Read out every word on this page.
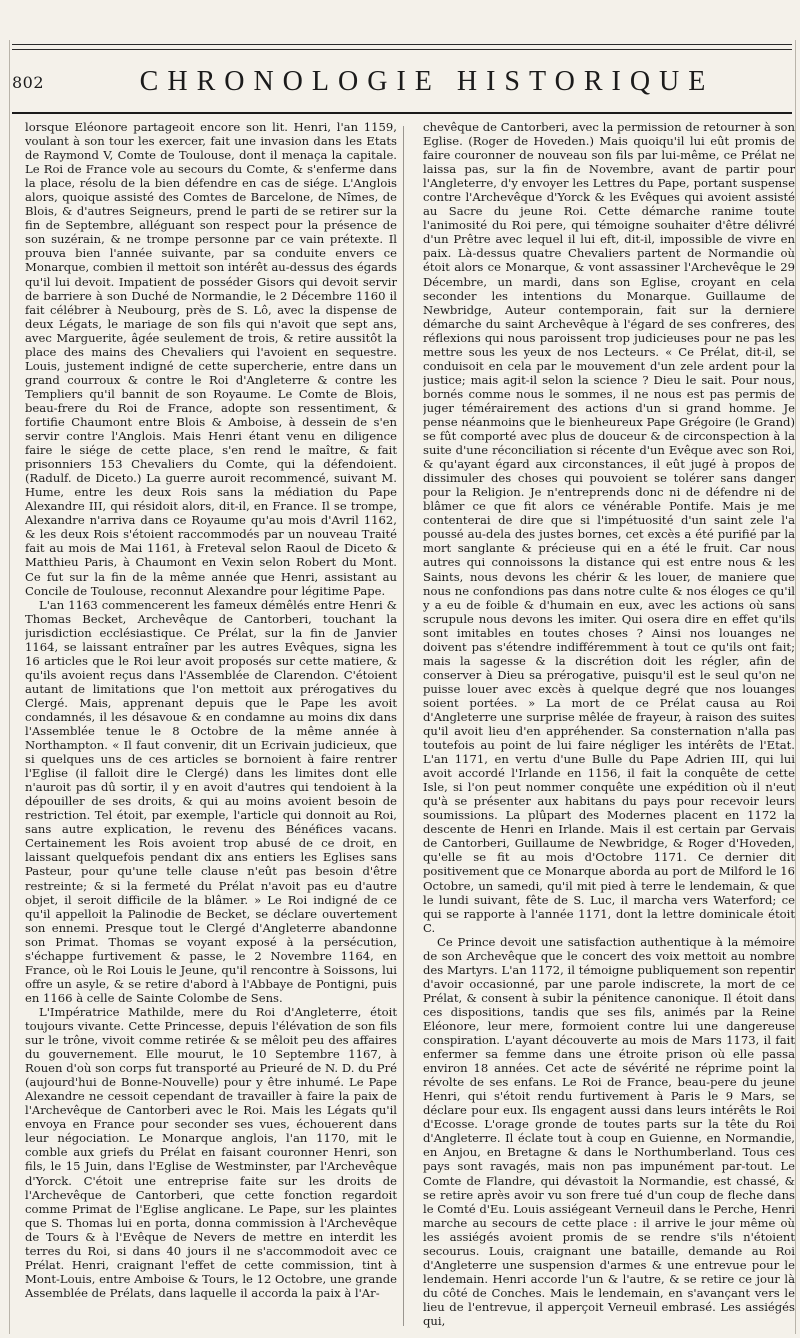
802	CHRONOLOGIE HISTORIQUE

lorsque Eléonore partageoit encore son lit. Henri, l'an 1159, voulant à son tour les exercer, fait une invasion dans les Etats de Raymond V, Comte de Toulouse, dont il menaça la capitale. Le Roi de France vole au secours du Comte, & s'enferme dans la place, résolu de la bien défendre en cas de siége. L'Anglois alors, quoique assisté des Comtes de Barcelone, de Nîmes, de Blois, & d'autres Seigneurs, prend le parti de se retirer sur la fin de Septembre, alléguant son respect pour la présence de son suzérain, & ne trompe personne par ce vain prétexte. Il prouva bien l'année suivante, par sa conduite envers ce Monarque, combien il mettoit son intérêt au-dessus des égards qu'il lui devoit. Impatient de posséder Gisors qui devoit servir de barriere à son Duché de Normandie, le 2 Décembre 1160 il fait célébrer à Neubourg, près de S. Lô, avec la dispense de deux Légats, le mariage de son fils qui n'avoit que sept ans, avec Marguerite, âgée seulement de trois, & retire aussitôt la place des mains des Chevaliers qui l'avoient en sequestre. Louis, justement indigné de cette supercherie, entre dans un grand courroux & contre le Roi d'Angleterre & contre les Templiers qu'il bannit de son Royaume. Le Comte de Blois, beau-frere du Roi de France, adopte son ressentiment, & fortifie Chaumont entre Blois & Amboise, à dessein de s'en servir contre l'Anglois. Mais Henri étant venu en diligence faire le siége de cette place, s'en rend le maître, & fait prisonniers 153 Chevaliers du Comte, qui la défendoient. (Radulf. de Diceto.) La guerre auroit recommencé, suivant M. Hume, entre les deux Rois sans la médiation du Pape Alexandre III, qui résidoit alors, dit-il, en France. Il se trompe, Alexandre n'arriva dans ce Royaume qu'au mois d'Avril 1162, & les deux Rois s'étoient raccommodés par un nouveau Traité fait au mois de Mai 1161, à Freteval selon Raoul de Diceto & Matthieu Paris, à Chaumont en Vexin selon Robert du Mont. Ce fut sur la fin de la même année que Henri, assistant au Concile de Toulouse, reconnut Alexandre pour légitime Pape.

L'an 1163 commencerent les fameux démêlés entre Henri & Thomas Becket, Archevêque de Cantorberi, touchant la jurisdiction ecclésiastique. Ce Prélat, sur la fin de Janvier 1164, se laissant entraîner par les autres Evêques, signa les 16 articles que le Roi leur avoit proposés sur cette matiere, & qu'ils avoient reçus dans l'Assemblée de Clarendon. C'étoient autant de limitations que l'on mettoit aux prérogatives du Clergé. Mais, apprenant depuis que le Pape les avoit condamnés, il les désavoue & en condamne au moins dix dans l'Assemblée tenue le 8 Octobre de la même année à Northampton. « Il faut convenir, dit un Ecrivain judicieux, que si quelques uns de ces articles se bornoient à faire rentrer l'Eglise (il falloit dire le Clergé) dans les limites dont elle n'auroit pas dû sortir, il y en avoit d'autres qui tendoient à la dépouiller de ses droits, & qui au moins avoient besoin de restriction. Tel étoit, par exemple, l'article qui donnoit au Roi, sans autre explication, le revenu des Bénéfices vacans. Certainement les Rois avoient trop abusé de ce droit, en laissant quelquefois pendant dix ans entiers les Eglises sans Pasteur, pour qu'une telle clause n'eût pas besoin d'être restreinte; & si la fermeté du Prélat n'avoit pas eu d'autre objet, il seroit difficile de la blâmer. » Le Roi indigné de ce qu'il appelloit la Palinodie de Becket, se déclare ouvertement son ennemi. Presque tout le Clergé d'Angleterre abandonne son Primat. Thomas se voyant exposé à la persécution, s'échappe furtivement & passe, le 2 Novembre 1164, en France, où le Roi Louis le Jeune, qu'il rencontre à Soissons, lui offre un asyle, & se retire d'abord à l'Abbaye de Pontigni, puis en 1166 à celle de Sainte Colombe de Sens.

L'Impératrice Mathilde, mere du Roi d'Angleterre, étoit toujours vivante. Cette Princesse, depuis l'élévation de son fils sur le trône, vivoit comme retirée & se mêloit peu des affaires du gouvernement. Elle mourut, le 10 Septembre 1167, à Rouen d'où son corps fut transporté au Prieuré de N. D. du Pré (aujourd'hui de Bonne-Nouvelle) pour y être inhumé. Le Pape Alexandre ne cessoit cependant de travailler à faire la paix de l'Archevêque de Cantorberi avec le Roi. Mais les Légats qu'il envoya en France pour seconder ses vues, échouerent dans leur négociation. Le Monarque anglois, l'an 1170, mit le comble aux griefs du Prélat en faisant couronner Henri, son fils, le 15 Juin, dans l'Eglise de Westminster, par l'Archevêque d'Yorck. C'étoit une entreprise faite sur les droits de l'Archevêque de Cantorberi, que cette fonction regardoit comme Primat de l'Eglise anglicane. Le Pape, sur les plaintes que S. Thomas lui en porta, donna commission à l'Archevêque de Tours & à l'Evêque de Nevers de mettre en interdit les terres du Roi, si dans 40 jours il ne s'accommodoit avec ce Prélat. Henri, craignant l'effet de cette commission, tint à Mont-Louis, entre Amboise & Tours, le 12 Octobre, une grande Assemblée de Prélats, dans laquelle il accorda la paix à l'Ar-

chevêque de Cantorberi, avec la permission de retourner à son Eglise. (Roger de Hoveden.) Mais quoiqu'il lui eût promis de faire couronner de nouveau son fils par lui-même, ce Prélat ne laissa pas, sur la fin de Novembre, avant de partir pour l'Angleterre, d'y envoyer les Lettres du Pape, portant suspense contre l'Archevêque d'Yorck & les Evêques qui avoient assisté au Sacre du jeune Roi. Cette démarche ranime toute l'animosité du Roi pere, qui témoigne souhaiter d'être délivré d'un Prêtre avec lequel il lui eft, dit-il, impossible de vivre en paix. Là-dessus quatre Chevaliers partent de Normandie où étoit alors ce Monarque, & vont assassiner l'Archevêque le 29 Décembre, un mardi, dans son Eglise, croyant en cela seconder les intentions du Monarque. Guillaume de Newbridge, Auteur contemporain, fait sur la derniere démarche du saint Archevêque à l'égard de ses confreres, des réflexions qui nous paroissent trop judicieuses pour ne pas les mettre sous les yeux de nos Lecteurs. « Ce Prélat, dit-il, se conduisoit en cela par le mouvement d'un zele ardent pour la justice; mais agit-il selon la science ? Dieu le sait. Pour nous, bornés comme nous le sommes, il ne nous est pas permis de juger témérairement des actions d'un si grand homme. Je pense néanmoins que le bienheureux Pape Grégoire (le Grand) se fût comporté avec plus de douceur & de circonspection à la suite d'une réconciliation si récente d'un Evêque avec son Roi, & qu'ayant égard aux circonstances, il eût jugé à propos de dissimuler des choses qui pouvoient se tolérer sans danger pour la Religion. Je n'entreprends donc ni de défendre ni de blâmer ce que fit alors ce vénérable Pontife. Mais je me contenterai de dire que si l'impétuosité d'un saint zele l'a poussé au-dela des justes bornes, cet excès a été purifié par la mort sanglante & précieuse qui en a été le fruit. Car nous autres qui connoissons la distance qui est entre nous & les Saints, nous devons les chérir & les louer, de maniere que nous ne confondions pas dans notre culte & nos éloges ce qu'il y a eu de foible & d'humain en eux, avec les actions où sans scrupule nous devons les imiter. Qui osera dire en effet qu'ils sont imitables en toutes choses ? Ainsi nos louanges ne doivent pas s'étendre indifféremment à tout ce qu'ils ont fait; mais la sagesse & la discrétion doit les régler, afin de conserver à Dieu sa prérogative, puisqu'il est le seul qu'on ne puisse louer avec excès à quelque degré que nos louanges soient portées. » La mort de ce Prélat causa au Roi d'Angleterre une surprise mêlée de frayeur, à raison des suites qu'il avoit lieu d'en appréhender. Sa consternation n'alla pas toutefois au point de lui faire négliger les intérêts de l'Etat. L'an 1171, en vertu d'une Bulle du Pape Adrien III, qui lui avoit accordé l'Irlande en 1156, il fait la conquête de cette Isle, si l'on peut nommer conquête une expédition où il n'eut qu'à se présenter aux habitans du pays pour recevoir leurs soumissions. La plûpart des Modernes placent en 1172 la descente de Henri en Irlande. Mais il est certain par Gervais de Cantorberi, Guillaume de Newbridge, & Roger d'Hoveden, qu'elle se fit au mois d'Octobre 1171. Ce dernier dit positivement que ce Monarque aborda au port de Milford le 16 Octobre, un samedi, qu'il mit pied à terre le lendemain, & que le lundi suivant, fête de S. Luc, il marcha vers Waterford; ce qui se rapporte à l'année 1171, dont la lettre dominicale étoit C.

Ce Prince devoit une satisfaction authentique à la mémoire de son Archevêque que le concert des voix mettoit au nombre des Martyrs. L'an 1172, il témoigne publiquement son repentir d'avoir occasionné, par une parole indiscrete, la mort de ce Prélat, & consent à subir la pénitence canonique. Il étoit dans ces dispositions, tandis que ses fils, animés par la Reine Eléonore, leur mere, formoient contre lui une dangereuse conspiration. L'ayant découverte au mois de Mars 1173, il fait enfermer sa femme dans une étroite prison où elle passa environ 18 années. Cet acte de sévérité ne réprime point la révolte de ses enfans. Le Roi de France, beau-pere du jeune Henri, qui s'étoit rendu furtivement à Paris le 9 Mars, se déclare pour eux. Ils engagent aussi dans leurs intérêts le Roi d'Ecosse. L'orage gronde de toutes parts sur la tête du Roi d'Angleterre. Il éclate tout à coup en Guienne, en Normandie, en Anjou, en Bretagne & dans le Northumberland. Tous ces pays sont ravagés, mais non pas impunément par-tout. Le Comte de Flandre, qui dévastoit la Normandie, est chassé, & se retire après avoir vu son frere tué d'un coup de fleche dans le Comté d'Eu. Louis assiégeant Verneuil dans le Perche, Henri marche au secours de cette place : il arrive le jour même où les assiégés avoient promis de se rendre s'ils n'étoient secourus. Louis, craignant une bataille, demande au Roi d'Angleterre une suspension d'armes & une entrevue pour le lendemain. Henri accorde l'un & l'autre, & se retire ce jour là du côté de Conches. Mais le lendemain, en s'avançant vers le lieu de l'entrevue, il apperçoit Verneuil embrasé. Les assiégés qui,
